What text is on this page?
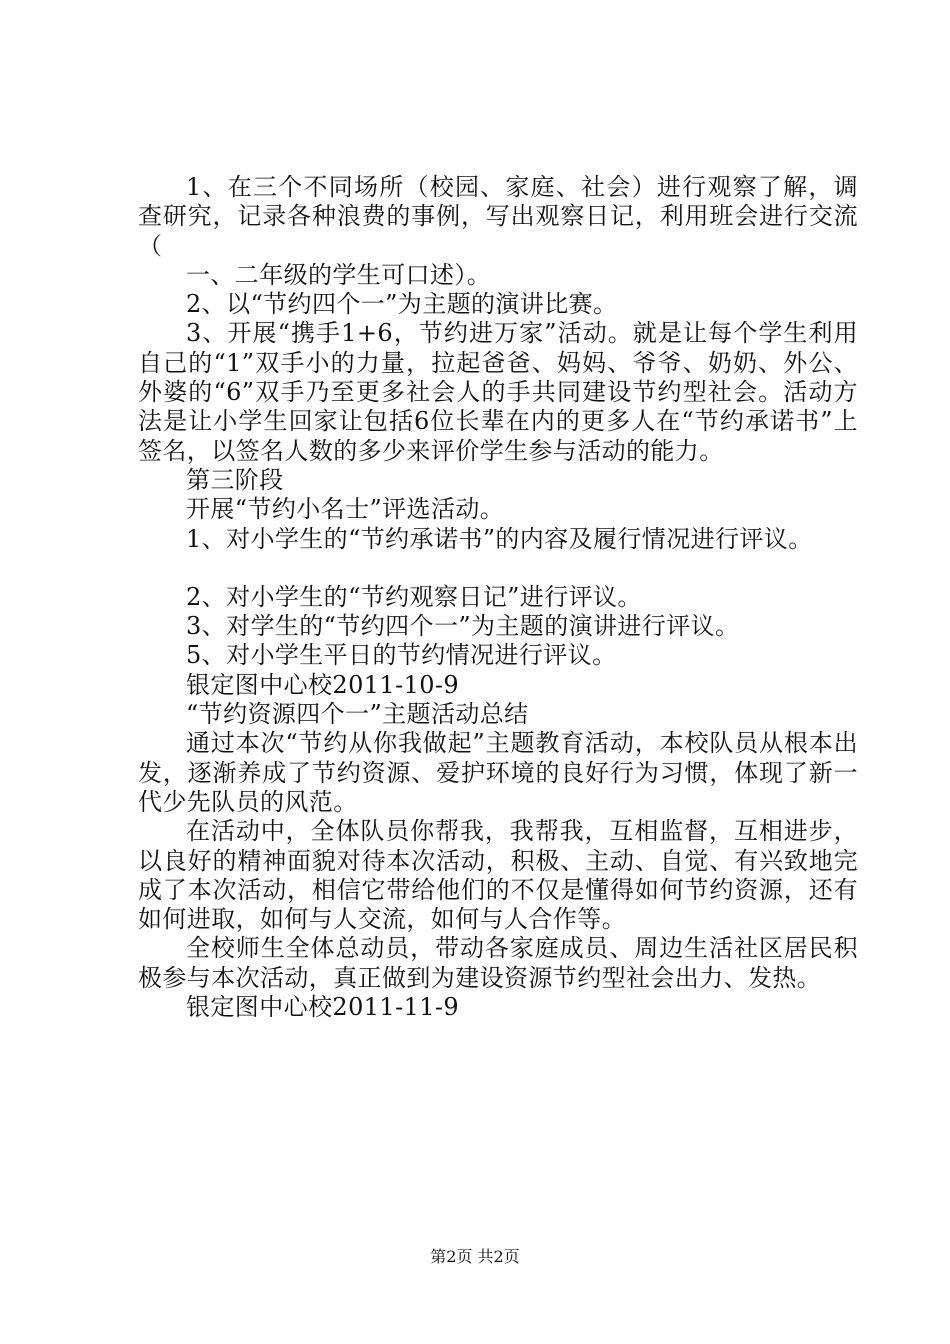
1、在三个不同场所（校园、家庭、社会）进行观察了解，调查研究，记录各种浪费的事例，写出观察日记，利用班会进行交流（

一、二年级的学生可口述）。

2、以“节约四个一”为主题的演讲比赛。

3、开展“携手1+6，节约进万家”活动。就是让每个学生利用自己的“1”双手小的力量，拉起爸爸、妈妈、爷爷、奶奶、外公、外婆的“6”双手乃至更多社会人的手共同建设节约型社会。活动方法是让小学生回家让包括6位长辈在内的更多人在“节约承诺书”上签名，以签名人数的多少来评价学生参与活动的能力。

第三阶段

开展“节约小名士”评选活动。

1、对小学生的“节约承诺书”的内容及履行情况进行评议。

2、对小学生的“节约观察日记”进行评议。

3、对学生的“节约四个一”为主题的演讲进行评议。

5、对小学生平日的节约情况进行评议。

银定图中心校2011-10-9

“节约资源四个一”主题活动总结

通过本次“节约从你我做起”主题教育活动，本校队员从根本出发，逐渐养成了节约资源、爱护环境的良好行为习惯，体现了新一代少先队员的风范。

在活动中，全体队员你帮我，我帮我，互相监督，互相进步，以良好的精神面貌对待本次活动，积极、主动、自觉、有兴致地完成了本次活动，相信它带给他们的不仅是懂得如何节约资源，还有如何进取，如何与人交流，如何与人合作等。

全校师生全体总动员，带动各家庭成员、周边生活社区居民积极参与本次活动，真正做到为建设资源节约型社会出力、发热。

银定图中心校2011-11-9

第2页 共2页
